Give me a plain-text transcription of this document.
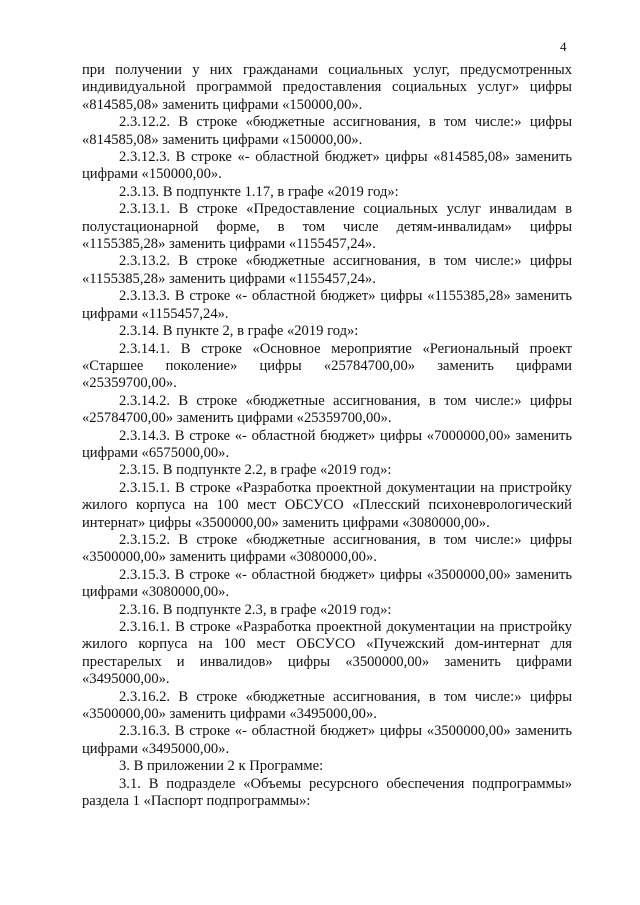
4

при получении у них гражданами социальных услуг, предусмотренных индивидуальной программой предоставления социальных услуг» цифры «814585,08» заменить цифрами «150000,00».

2.3.12.2. В строке «бюджетные ассигнования, в том числе:» цифры «814585,08» заменить цифрами «150000,00».

2.3.12.3. В строке «- областной бюджет» цифры «814585,08» заменить цифрами «150000,00».

2.3.13. В подпункте 1.17, в графе «2019 год»:

2.3.13.1. В строке «Предоставление социальных услуг инвалидам в полустационарной форме, в том числе детям-инвалидам» цифры «1155385,28» заменить цифрами «1155457,24».

2.3.13.2. В строке «бюджетные ассигнования, в том числе:» цифры «1155385,28» заменить цифрами «1155457,24».

2.3.13.3. В строке «- областной бюджет» цифры «1155385,28» заменить цифрами «1155457,24».

2.3.14. В пункте 2, в графе «2019 год»:

2.3.14.1. В строке «Основное мероприятие «Региональный проект «Старшее поколение» цифры «25784700,00» заменить цифрами «25359700,00».

2.3.14.2. В строке «бюджетные ассигнования, в том числе:» цифры «25784700,00» заменить цифрами «25359700,00».

2.3.14.3. В строке «- областной бюджет» цифры «7000000,00» заменить цифрами «6575000,00».

2.3.15. В подпункте 2.2, в графе «2019 год»:

2.3.15.1. В строке «Разработка проектной документации на пристройку жилого корпуса на 100 мест ОБСУСО «Плесский психоневрологический интернат» цифры «3500000,00» заменить цифрами «3080000,00».

2.3.15.2. В строке «бюджетные ассигнования, в том числе:» цифры «3500000,00» заменить цифрами «3080000,00».

2.3.15.3. В строке «- областной бюджет» цифры «3500000,00» заменить цифрами «3080000,00».

2.3.16. В подпункте 2.3, в графе «2019 год»:

2.3.16.1. В строке «Разработка проектной документации на пристройку жилого корпуса на 100 мест ОБСУСО «Пучежский дом-интернат для престарелых и инвалидов» цифры «3500000,00» заменить цифрами «3495000,00».

2.3.16.2. В строке «бюджетные ассигнования, в том числе:» цифры «3500000,00» заменить цифрами «3495000,00».

2.3.16.3. В строке «- областной бюджет» цифры «3500000,00» заменить цифрами «3495000,00».

3. В приложении 2 к Программе:

3.1. В подразделе «Объемы ресурсного обеспечения подпрограммы» раздела 1 «Паспорт подпрограммы»:
